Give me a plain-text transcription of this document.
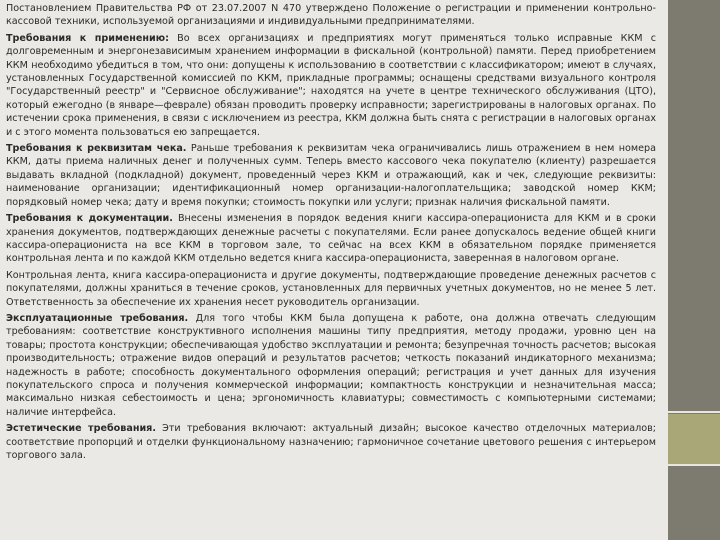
Постановлением Правительства РФ от 23.07.2007 N 470 утверждено Положение о регистрации и применении контрольно-кассовой техники, используемой организациями и индивидуальными предпринимателями.

Требования к применению: Во всех организациях и предприятиях могут применяться только исправные ККМ с долговременным и энергонезависимым хранением информации в фискальной (контрольной) памяти. Перед приобретением ККМ необходимо убедиться в том, что они: допущены к использованию в соответствии с классификатором; имеют в случаях, установленных Государственной комиссией по ККМ, прикладные программы; оснащены средствами визуального контроля "Государственный реестр" и "Сервисное обслуживание"; находятся на учете в центре технического обслуживания (ЦТО), который ежегодно (в январе—феврале) обязан проводить проверку исправности; зарегистрированы в налоговых органах. По истечении срока применения, в связи с исключением из реестра, ККМ должна быть снята с регистрации в налоговых органах и с этого момента пользоваться ею запрещается.

Требования к реквизитам чека. Раньше требования к реквизитам чека ограничивались лишь отражением в нем номера ККМ, даты приема наличных денег и полученных сумм. Теперь вместо кассового чека покупателю (клиенту) разрешается выдавать вкладной (подкладной) документ, проведенный через ККМ и отражающий, как и чек, следующие реквизиты: наименование организации; идентификационный номер организации-налогоплательщика; заводской номер ККМ; порядковый номер чека; дату и время покупки; стоимость покупки или услуги; признак наличия фискальной памяти.

Требования к документации. Внесены изменения в порядок ведения книги кассира-операциониста для ККМ и в сроки хранения документов, подтверждающих денежные расчеты с покупателями. Если ранее допускалось ведение общей книги кассира-операциониста на все ККМ в торговом зале, то сейчас на всех ККМ в обязательном порядке применяется контрольная лента и по каждой ККМ отдельно ведется книга кассира-операциониста, заверенная в налоговом органе.

Контрольная лента, книга кассира-операциониста и другие документы, подтверждающие проведение денежных расчетов с покупателями, должны храниться в течение сроков, установленных для первичных учетных документов, но не менее 5 лет. Ответственность за обеспечение их хранения несет руководитель организации.

Эксплуатационные требования. Для того чтобы ККМ была допущена к работе, она должна отвечать следующим требованиям: соответствие конструктивного исполнения машины типу предприятия, методу продажи, уровню цен на товары; простота конструкции; обеспечивающая удобство эксплуатации и ремонта; безупречная точность расчетов; высокая производительность; отражение видов операций и результатов расчетов; четкость показаний индикаторного механизма; надежность в работе; способность документального оформления операций; регистрация и учет данных для изучения покупательского спроса и получения коммерческой информации; компактность конструкции и незначительная масса; максимально низкая себестоимость и цена; эргономичность клавиатуры; совместимость с компьютерными системами; наличие интерфейса.

Эстетические требования. Эти требования включают: актуальный дизайн; высокое качество отделочных материалов; соответствие пропорций и отделки функциональному назначению; гармоничное сочетание цветового решения с интерьером торгового зала.
